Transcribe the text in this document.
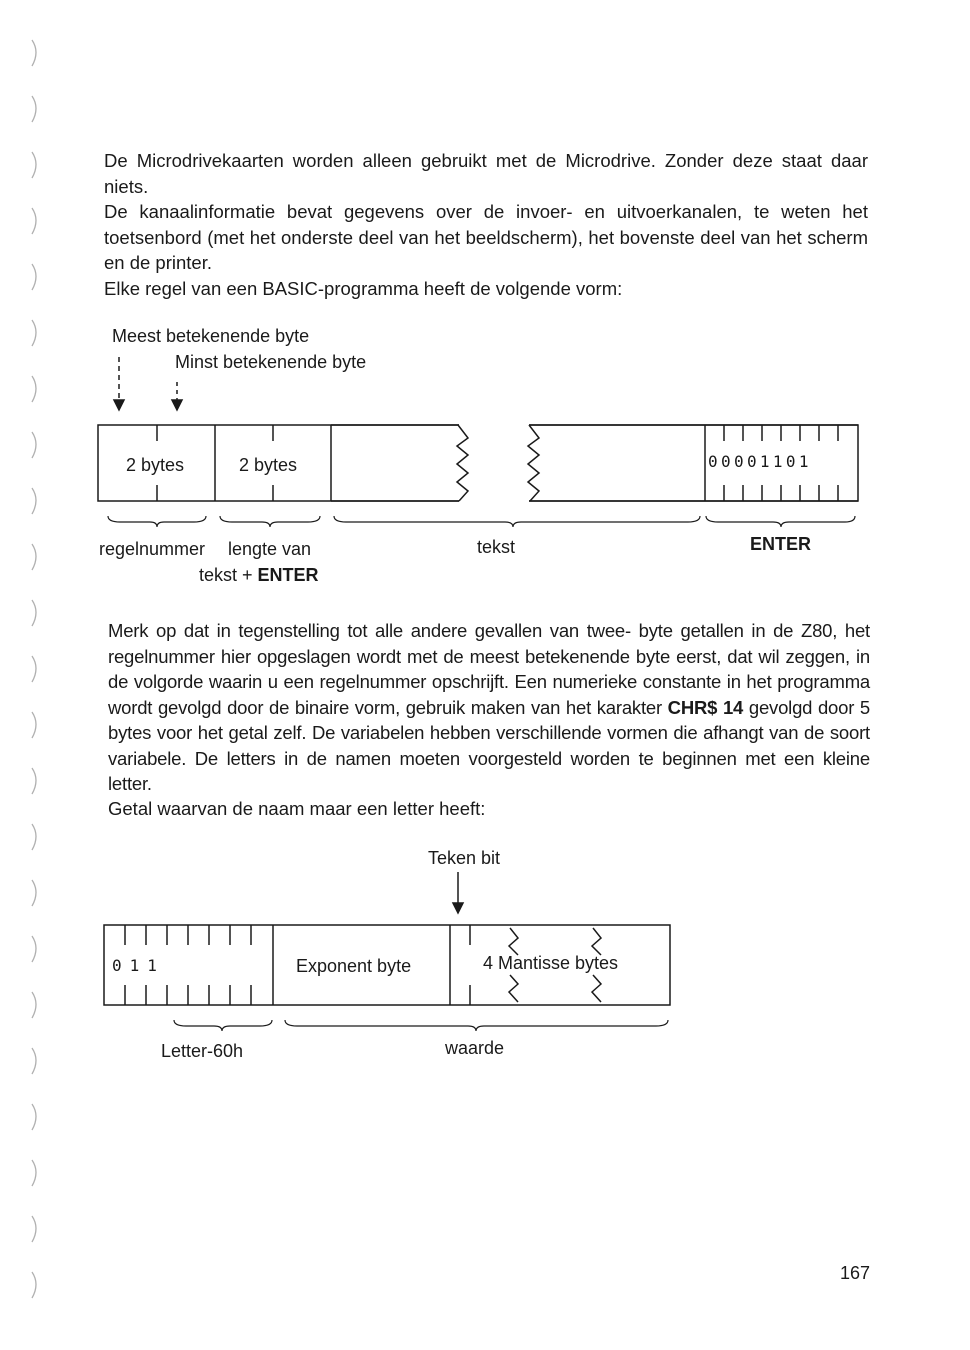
De Microdrivekaarten worden alleen gebruikt met de Microdrive. Zonder deze staat daar niets.

De kanaalinformatie bevat gegevens over de invoer- en uitvoerkanalen, te weten het toetsenbord (met het onderste deel van het beeldscherm), het bovenste deel van het scherm en de printer.

Elke regel van een BASIC-programma heeft de volgende vorm:

Meest betekenende byte
Minst betekenende byte
2 bytes	2 bytes	00001101
regelnummer lengte van
tekst + ENTER
tekst	ENTER

Merk op dat in tegenstelling tot alle andere gevallen van twee- byte getallen in de Z80, het regelnummer hier opgeslagen wordt met de meest betekenende byte eerst, dat wil zeggen, in de volgorde waarin u een regelnummer opschrijft. Een numerieke constante in het programma wordt gevolgd door de binaire vorm, gebruik maken van het karakter CHR$ 14 gevolgd door 5 bytes voor het getal zelf. De variabelen hebben verschillende vormen die afhangt van de soort variabele. De letters in de namen moeten voorgesteld worden te beginnen met een kleine letter.

Getal waarvan de naam maar een letter heeft:

Teken bit
011	Exponent byte	4 Mantisse bytes
Letter-60h	waarde
167
